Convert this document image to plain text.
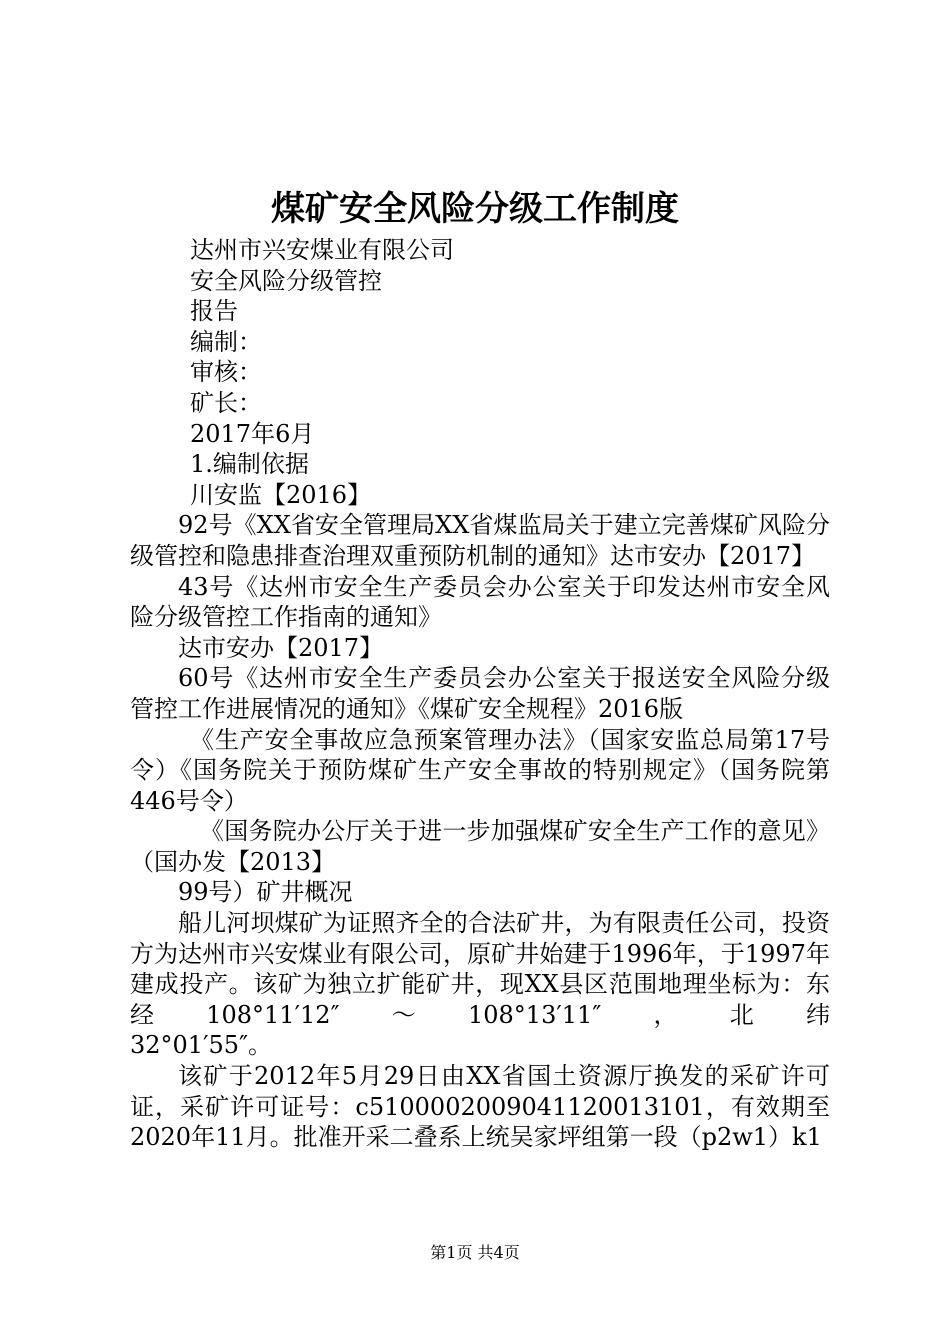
煤矿安全风险分级工作制度

达州市兴安煤业有限公司

安全风险分级管控

报告

编制：

审核：

矿长：

2017年6月

1.编制依据

川安监【2016】

92号《XX省安全管理局XX省煤监局关于建立完善煤矿风险分级管控和隐患排查治理双重预防机制的通知》达市安办【2017】

43号《达州市安全生产委员会办公室关于印发达州市安全风险分级管控工作指南的通知》

达市安办【2017】

60号《达州市安全生产委员会办公室关于报送安全风险分级管控工作进展情况的通知》《煤矿安全规程》2016版

《生产安全事故应急预案管理办法》（国家安监总局第17号令）《国务院关于预防煤矿生产安全事故的特别规定》（国务院第446号令）

《国务院办公厅关于进一步加强煤矿安全生产工作的意见》（国办发【2013】

99号）矿井概况

船儿河坝煤矿为证照齐全的合法矿井，为有限责任公司，投资方为达州市兴安煤业有限公司，原矿井始建于1996年，于1997年建成投产。该矿为独立扩能矿井，现XX县区范围地理坐标为：东经108°11′12″～108°13′11″，北纬

32°01′55″。

该矿于2012年5月29日由XX省国土资源厅换发的采矿许可证，采矿许可证号：c5100002009041120013101，有效期至2020年11月。批准开采二叠系上统吴家坪组第一段（p2w1）k1

第1页 共4页
